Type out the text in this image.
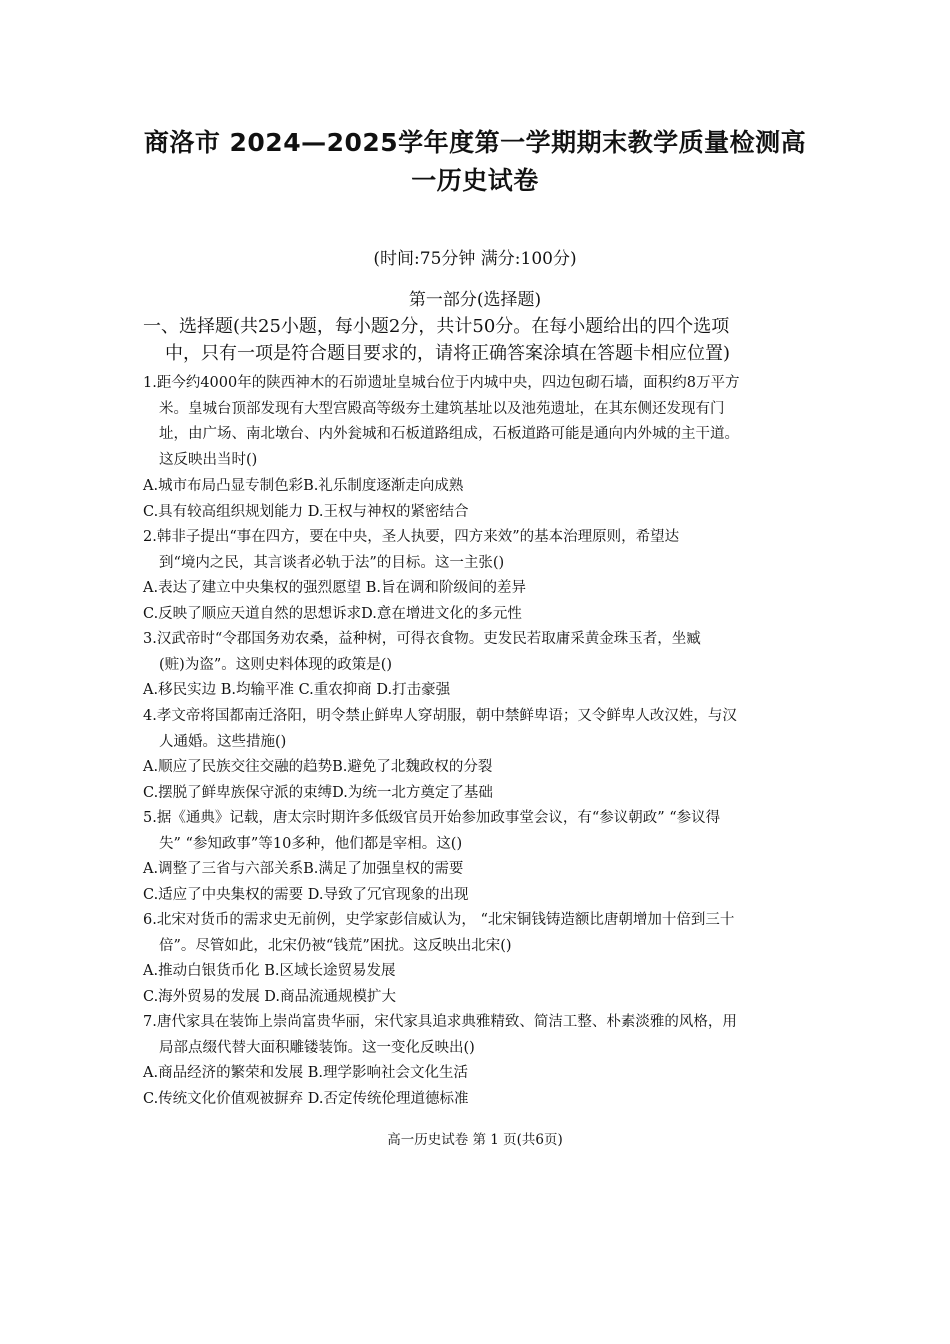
商洛市 2024—2025学年度第一学期期末教学质量检测高
一历史试卷
(时间:75分钟 满分:100分)
第一部分(选择题)
一、选择题(共25小题，每小题2分，共计50分。在每小题给出的四个选项
中，只有一项是符合题目要求的，请将正确答案涂填在答题卡相应位置)
1.距今约4000年的陕西神木的石峁遗址皇城台位于内城中央，四边包砌石墙，面积约8万平方
米。皇城台顶部发现有大型宫殿高等级夯土建筑基址以及池苑遗址，在其东侧还发现有门
址，由广场、南北墩台、内外瓮城和石板道路组成，石板道路可能是通向内外城的主干道。
这反映出当时()
A.城市布局凸显专制色彩B.礼乐制度逐渐走向成熟
C.具有较高组织规划能力 D.王权与神权的紧密结合
2.韩非子提出“事在四方，要在中央，圣人执要，四方来效”的基本治理原则，希望达
到“境内之民，其言谈者必轨于法”的目标。这一主张()
A.表达了建立中央集权的强烈愿望 B.旨在调和阶级间的差异
C.反映了顺应天道自然的思想诉求D.意在增进文化的多元性
3.汉武帝时“令郡国务劝农桑，益种树，可得衣食物。吏发民若取庸采黄金珠玉者，坐臧
(赃)为盗”。这则史料体现的政策是()
A.移民实边 B.均输平准 C.重农抑商 D.打击豪强
4.孝文帝将国都南迁洛阳，明令禁止鲜卑人穿胡服，朝中禁鲜卑语；又令鲜卑人改汉姓，与汉
人通婚。这些措施()
A.顺应了民族交往交融的趋势B.避免了北魏政权的分裂
C.摆脱了鲜卑族保守派的束缚D.为统一北方奠定了基础
5.据《通典》记载，唐太宗时期许多低级官员开始参加政事堂会议，有“参议朝政” “参议得
失” “参知政事”等10多种，他们都是宰相。这()
A.调整了三省与六部关系B.满足了加强皇权的需要
C.适应了中央集权的需要 D.导致了冗官现象的出现
6.北宋对货币的需求史无前例，史学家彭信威认为， “北宋铜钱铸造额比唐朝增加十倍到三十
倍”。尽管如此，北宋仍被“钱荒”困扰。这反映出北宋()
A.推动白银货币化 B.区域长途贸易发展
C.海外贸易的发展 D.商品流通规模扩大
7.唐代家具在装饰上崇尚富贵华丽，宋代家具追求典雅精致、简洁工整、朴素淡雅的风格，用
局部点缀代替大面积雕镂装饰。这一变化反映出()
A.商品经济的繁荣和发展 B.理学影响社会文化生活
C.传统文化价值观被摒弃 D.否定传统伦理道德标准
高一历史试卷 第 1 页(共6页)
